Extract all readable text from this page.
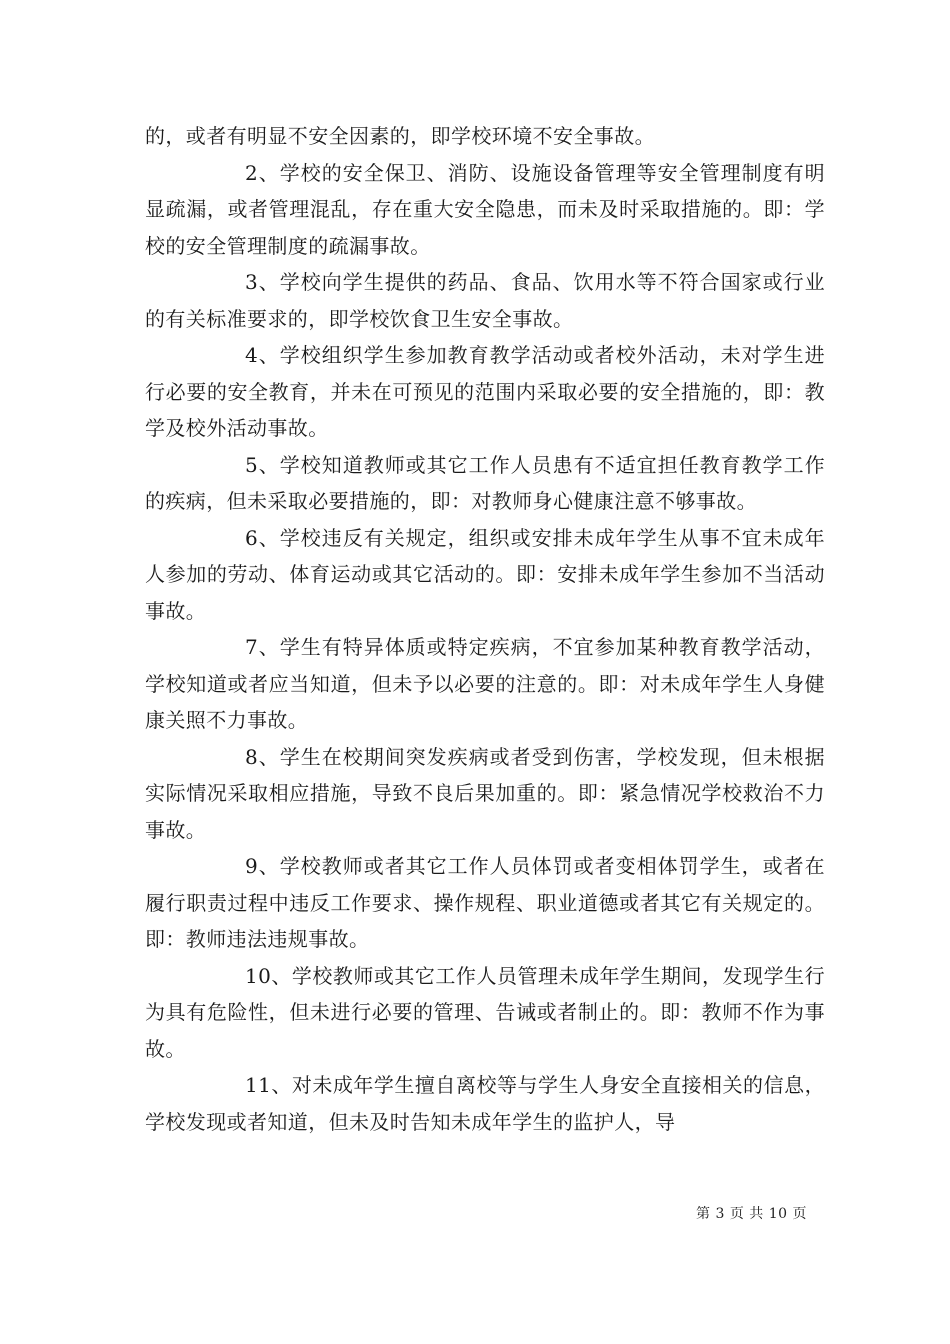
的，或者有明显不安全因素的，即学校环境不安全事故。

2、学校的安全保卫、消防、设施设备管理等安全管理制度有明显疏漏，或者管理混乱，存在重大安全隐患，而未及时采取措施的。即：学校的安全管理制度的疏漏事故。

3、学校向学生提供的药品、食品、饮用水等不符合国家或行业的有关标准要求的，即学校饮食卫生安全事故。

4、学校组织学生参加教育教学活动或者校外活动，未对学生进行必要的安全教育，并未在可预见的范围内采取必要的安全措施的，即：教学及校外活动事故。

5、学校知道教师或其它工作人员患有不适宜担任教育教学工作的疾病，但未采取必要措施的，即：对教师身心健康注意不够事故。

6、学校违反有关规定，组织或安排未成年学生从事不宜未成年人参加的劳动、体育运动或其它活动的。即：安排未成年学生参加不当活动事故。

7、学生有特异体质或特定疾病，不宜参加某种教育教学活动，学校知道或者应当知道，但未予以必要的注意的。即：对未成年学生人身健康关照不力事故。

8、学生在校期间突发疾病或者受到伤害，学校发现，但未根据实际情况采取相应措施，导致不良后果加重的。即：紧急情况学校救治不力事故。

9、学校教师或者其它工作人员体罚或者变相体罚学生，或者在履行职责过程中违反工作要求、操作规程、职业道德或者其它有关规定的。即：教师违法违规事故。

10、学校教师或其它工作人员管理未成年学生期间，发现学生行为具有危险性，但未进行必要的管理、告诫或者制止的。即：教师不作为事故。

11、对未成年学生擅自离校等与学生人身安全直接相关的信息，学校发现或者知道，但未及时告知未成年学生的监护人，导

第 3 页 共 10 页
